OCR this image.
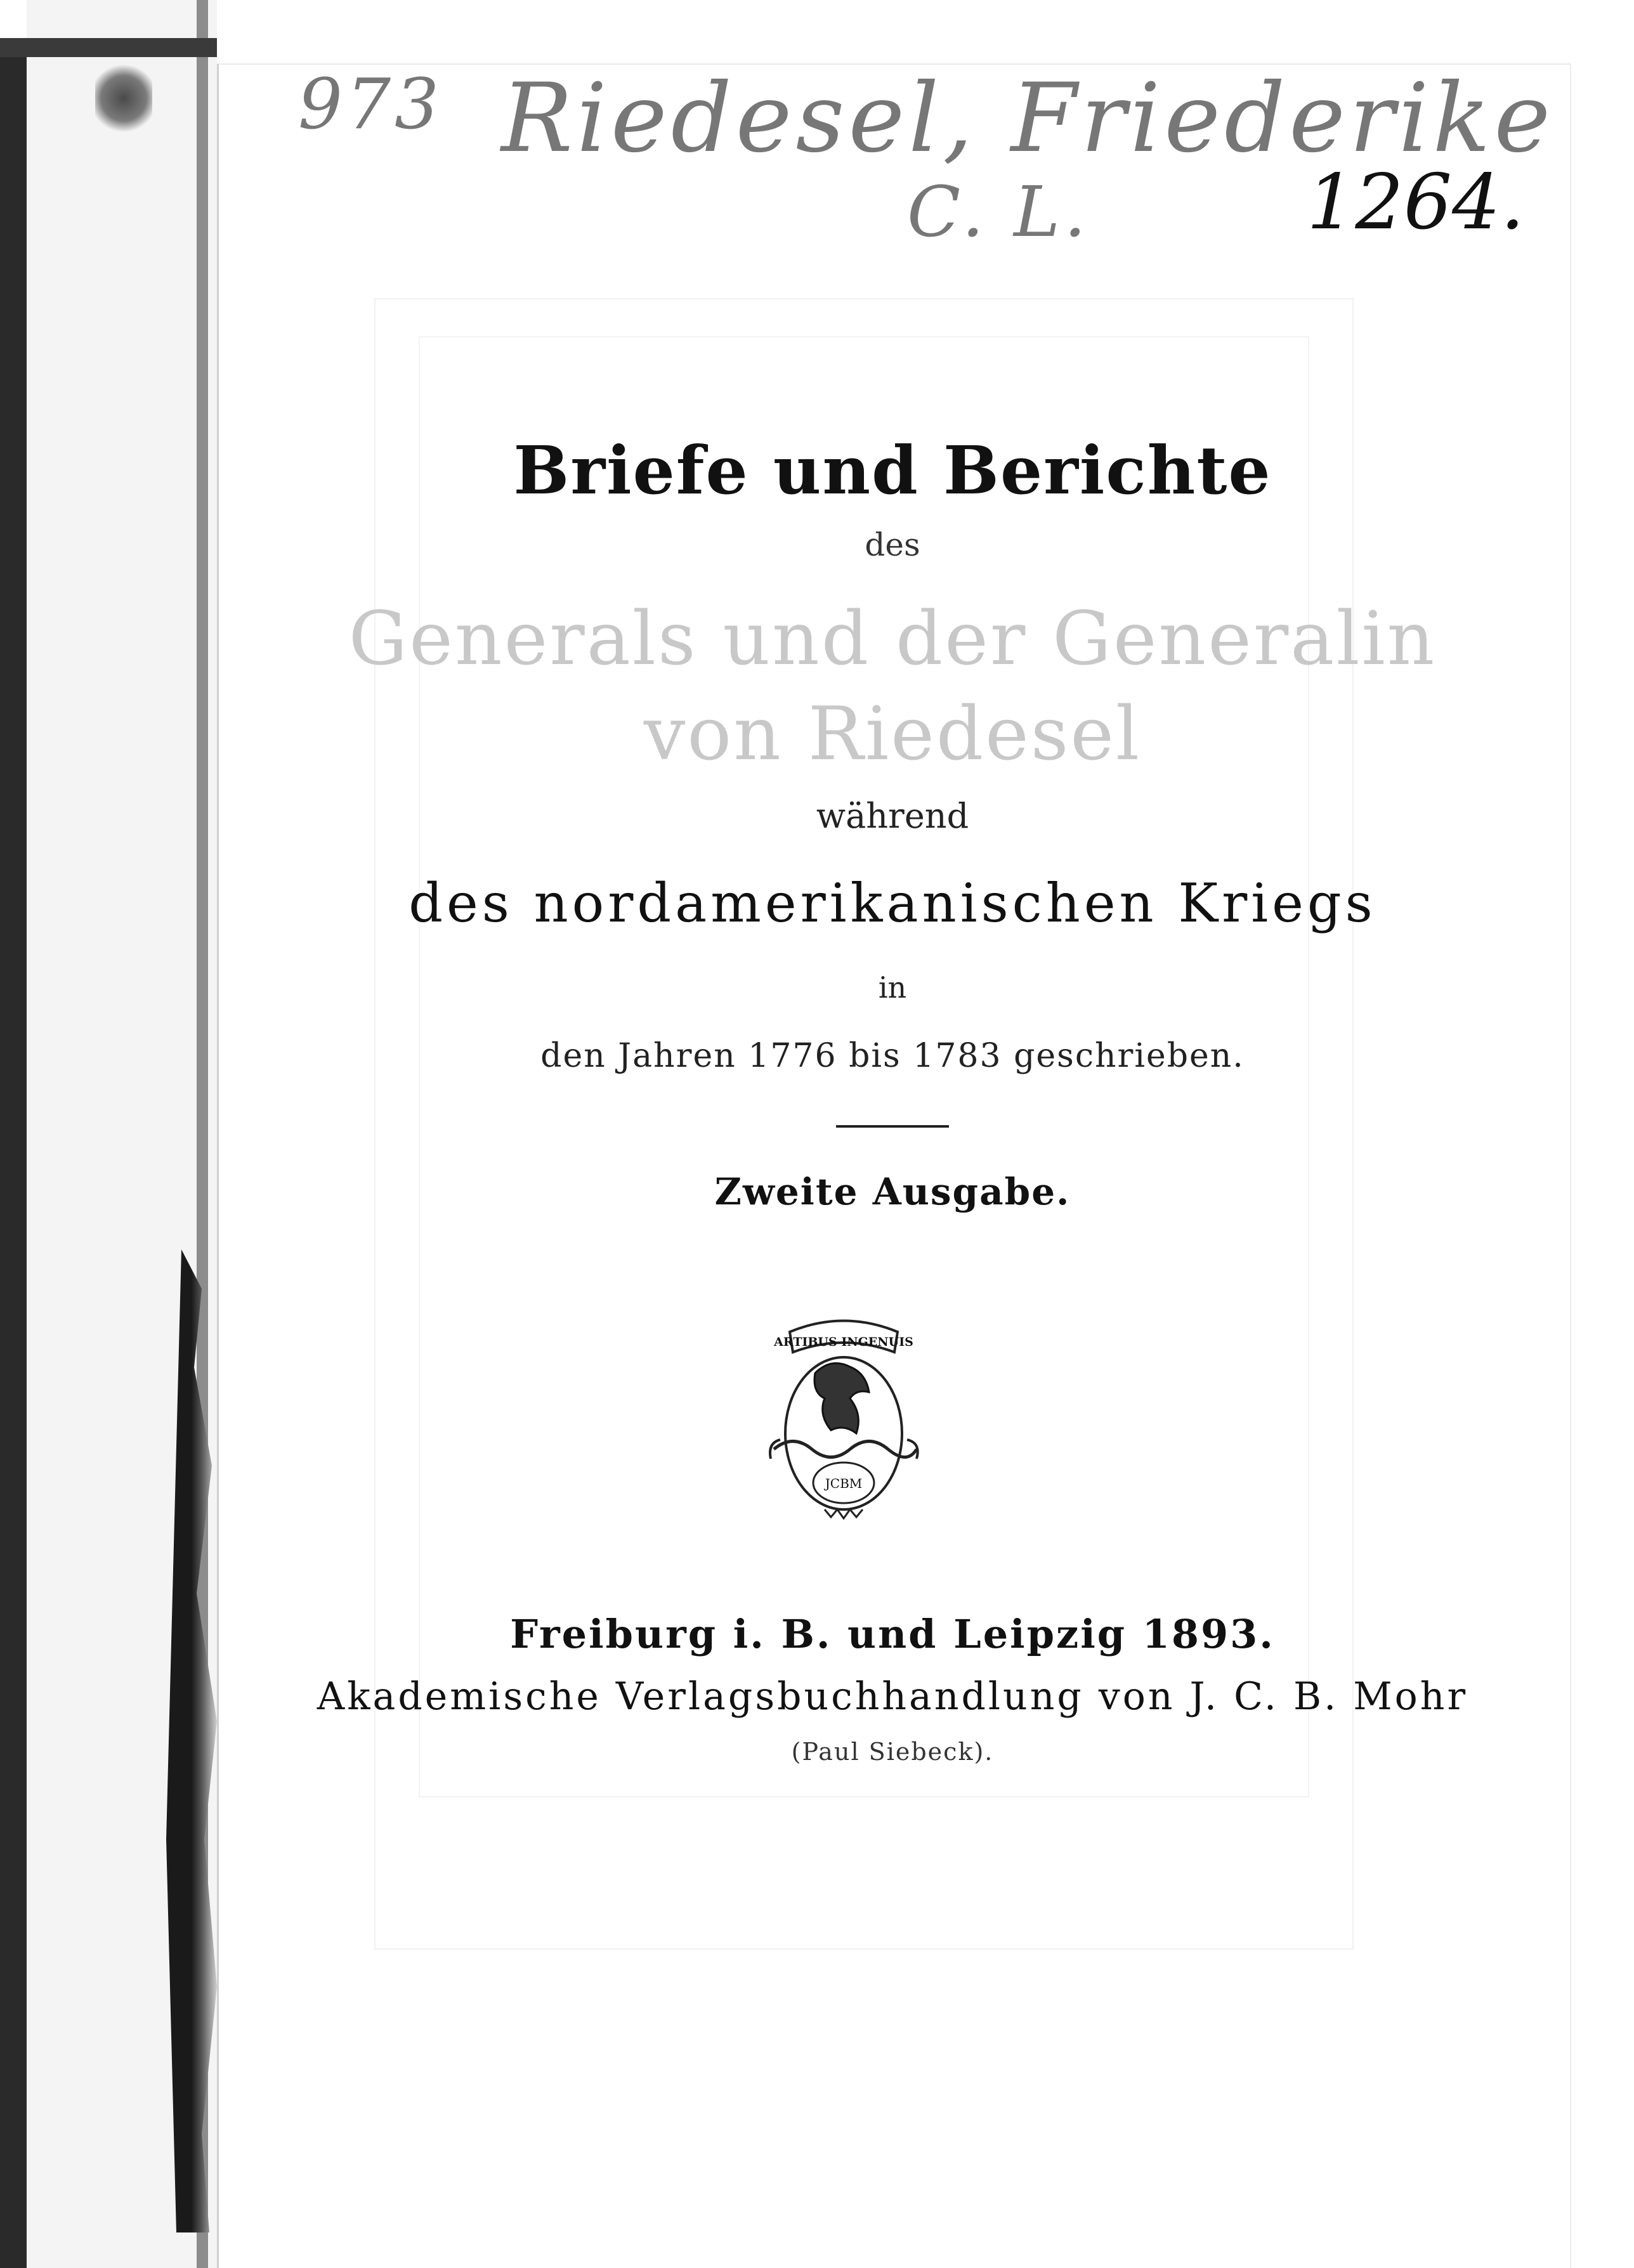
973 Riedesel, Friederike
C. L.	1264.
Briefe und Berichte
des
Generals und der Generalin
von Riedesel
während
des nordamerikanischen Kriegs
in
den Jahren 1776 bis 1783 geschrieben.
Zweite Ausgabe.
ARTIBUS INGENUIS
JCBM
Freiburg i. B. und Leipzig 1893.
Akademische Verlagsbuchhandlung von J. C. B. Mohr
(Paul Siebeck).
